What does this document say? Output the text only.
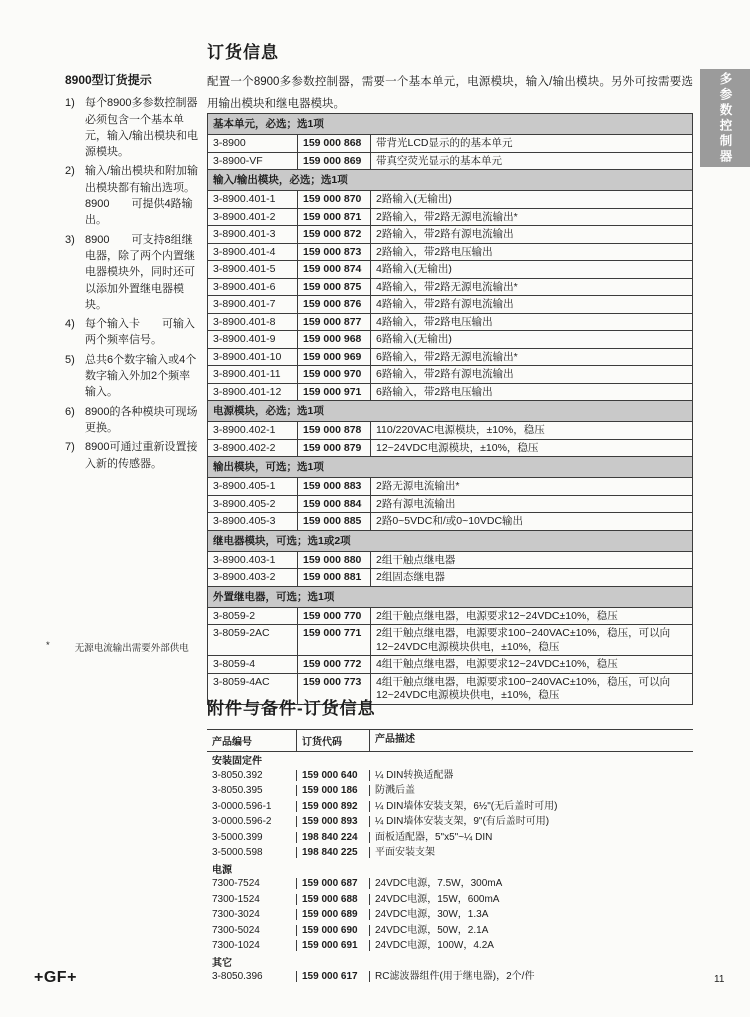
多参数控制器
8900型订货提示
1) 每个8900多参数控制器必须包含一个基本单元，输入/输出模块和电源模块。
2) 输入/输出模块和附加输出模块都有输出选项。8900　　可提供4路输出。
3) 8900　　可支持8组继电器，除了两个内置继电器模块外，同时还可以添加外置继电器模块。
4) 每个输入卡　　可输入两个频率信号。
5) 总共6个数字输入或4个数字输入外加2个频率输入。
6) 8900的各种模块可现场更换。
7) 8900可通过重新设置接入新的传感器。
*	无源电流输出需要外部供电
订货信息
配置一个8900多参数控制器，需要一个基本单元，电源模块，输入/输出模块。另外可按需要选用输出模块和继电器模块。
基本单元，必选；选1项
3-8900	159 000 868	带背光LCD显示的的基本单元
3-8900-VF	159 000 869	带真空荧光显示的基本单元
输入/输出模块，必选；选1项
3-8900.401-1	159 000 870	2路输入(无输出)
3-8900.401-2	159 000 871	2路输入，带2路无源电流输出*
3-8900.401-3	159 000 872	2路输入，带2路有源电流输出
3-8900.401-4	159 000 873	2路输入，带2路电压输出
3-8900.401-5	159 000 874	4路输入(无输出)
3-8900.401-6	159 000 875	4路输入，带2路无源电流输出*
3-8900.401-7	159 000 876	4路输入，带2路有源电流输出
3-8900.401-8	159 000 877	4路输入，带2路电压输出
3-8900.401-9	159 000 968	6路输入(无输出)
3-8900.401-10	159 000 969	6路输入，带2路无源电流输出*
3-8900.401-11	159 000 970	6路输入，带2路有源电流输出
3-8900.401-12	159 000 971	6路输入，带2路电压输出
电源模块，必选；选1项
3-8900.402-1	159 000 878	110/220VAC电源模块，±10%，稳压
3-8900.402-2	159 000 879	12~24VDC电源模块，±10%，稳压
输出模块，可选；选1项
3-8900.405-1	159 000 883	2路无源电流输出*
3-8900.405-2	159 000 884	2路有源电流输出
3-8900.405-3	159 000 885	2路0~5VDC和/或0~10VDC输出
继电器模块，可选；选1或2项
3-8900.403-1	159 000 880	2组干触点继电器
3-8900.403-2	159 000 881	2组固态继电器
外置继电器，可选；选1项
3-8059-2	159 000 770	2组干触点继电器，电源要求12~24VDC±10%，稳压
3-8059-2AC	159 000 771	2组干触点继电器，电源要求100~240VAC±10%，稳压，可以向12~24VDC电源模块供电，±10%，稳压
3-8059-4	159 000 772	4组干触点继电器，电源要求12~24VDC±10%，稳压
3-8059-4AC	159 000 773	4组干触点继电器，电源要求100~240VAC±10%，稳压，可以向12~24VDC电源模块供电，±10%，稳压
附件与备件-订货信息
产品编号	订货代码	产品描述
安装固定件
3-8050.392	159 000 640	¼ DIN转换适配器
3-8050.395	159 000 186	防溅后盖
3-0000.596-1	159 000 892	¼ DIN墙体安装支架，6½"(无后盖时可用)
3-0000.596-2	159 000 893	¼ DIN墙体安装支架，9"(有后盖时可用)
3-5000.399	198 840 224	面板适配器，5"x5"~¼ DIN
3-5000.598	198 840 225	平面安装支架
电源
7300-7524	159 000 687	24VDC电源，7.5W，300mA
7300-1524	159 000 688	24VDC电源，15W，600mA
7300-3024	159 000 689	24VDC电源，30W，1.3A
7300-5024	159 000 690	24VDC电源，50W，2.1A
7300-1024	159 000 691	24VDC电源，100W，4.2A
其它
3-8050.396	159 000 617	RC滤波器组件(用于继电器)，2个/件
+GF+	11
